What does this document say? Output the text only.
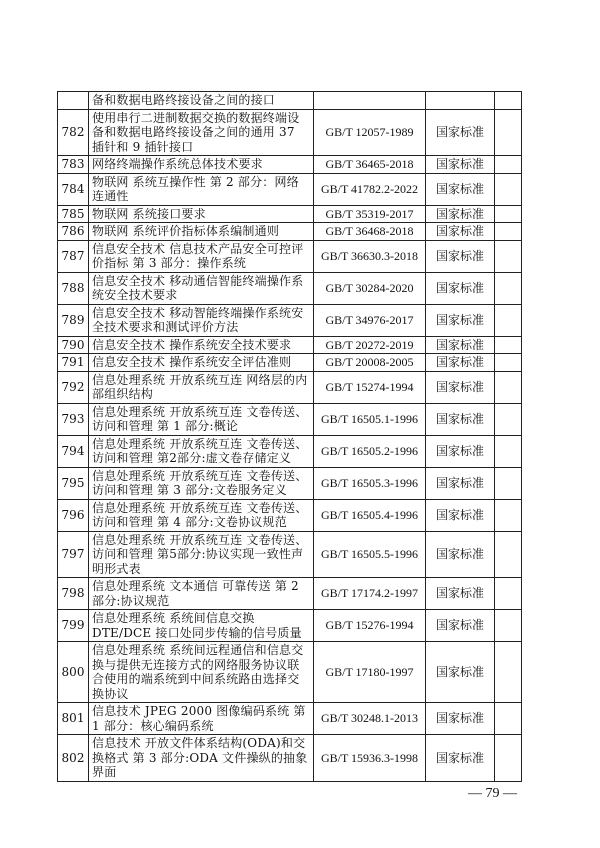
	备和数据电路终接设备之间的接口			
782	使用串行二进制数据交换的数据终端设备和数据电路终接设备之间的通用 37 插针和 9 插针接口	GB/T 12057-1989	国家标准	
783	网络终端操作系统总体技术要求	GB/T 36465-2018	国家标准	
784	物联网 系统互操作性 第 2 部分：网络连通性	GB/T 41782.2-2022	国家标准	
785	物联网 系统接口要求	GB/T 35319-2017	国家标准	
786	物联网 系统评价指标体系编制通则	GB/T 36468-2018	国家标准	
787	信息安全技术 信息技术产品安全可控评价指标 第 3 部分：操作系统	GB/T 36630.3-2018	国家标准	
788	信息安全技术 移动通信智能终端操作系统安全技术要求	GB/T 30284-2020	国家标准	
789	信息安全技术 移动智能终端操作系统安全技术要求和测试评价方法	GB/T 34976-2017	国家标准	
790	信息安全技术 操作系统安全技术要求	GB/T 20272-2019	国家标准	
791	信息安全技术 操作系统安全评估准则	GB/T 20008-2005	国家标准	
792	信息处理系统 开放系统互连 网络层的内部组织结构	GB/T 15274-1994	国家标准	
793	信息处理系统 开放系统互连 文卷传送、访问和管理 第 1 部分:概论	GB/T 16505.1-1996	国家标准	
794	信息处理系统 开放系统互连 文卷传送、访问和管理 第2部分:虚文卷存储定义	GB/T 16505.2-1996	国家标准	
795	信息处理系统 开放系统互连 文卷传送、访问和管理 第 3 部分:文卷服务定义	GB/T 16505.3-1996	国家标准	
796	信息处理系统 开放系统互连 文卷传送、访问和管理 第 4 部分:文卷协议规范	GB/T 16505.4-1996	国家标准	
797	信息处理系统 开放系统互连 文卷传送、访问和管理 第5部分:协议实现一致性声明形式表	GB/T 16505.5-1996	国家标准	
798	信息处理系统 文本通信 可靠传送 第 2 部分:协议规范	GB/T 17174.2-1997	国家标准	
799	信息处理系统 系统间信息交换 DTE/DCE 接口处同步传输的信号质量	GB/T 15276-1994	国家标准	
800	信息处理系统 系统间远程通信和信息交换与提供无连接方式的网络服务协议联合使用的端系统到中间系统路由选择交换协议	GB/T 17180-1997	国家标准	
801	信息技术 JPEG 2000 图像编码系统 第 1 部分：核心编码系统	GB/T 30248.1-2013	国家标准	
802	信息技术 开放文件体系结构(ODA)和交换格式 第 3 部分:ODA 文件操纵的抽象界面	GB/T 15936.3-1998	国家标准	
— 79 —
